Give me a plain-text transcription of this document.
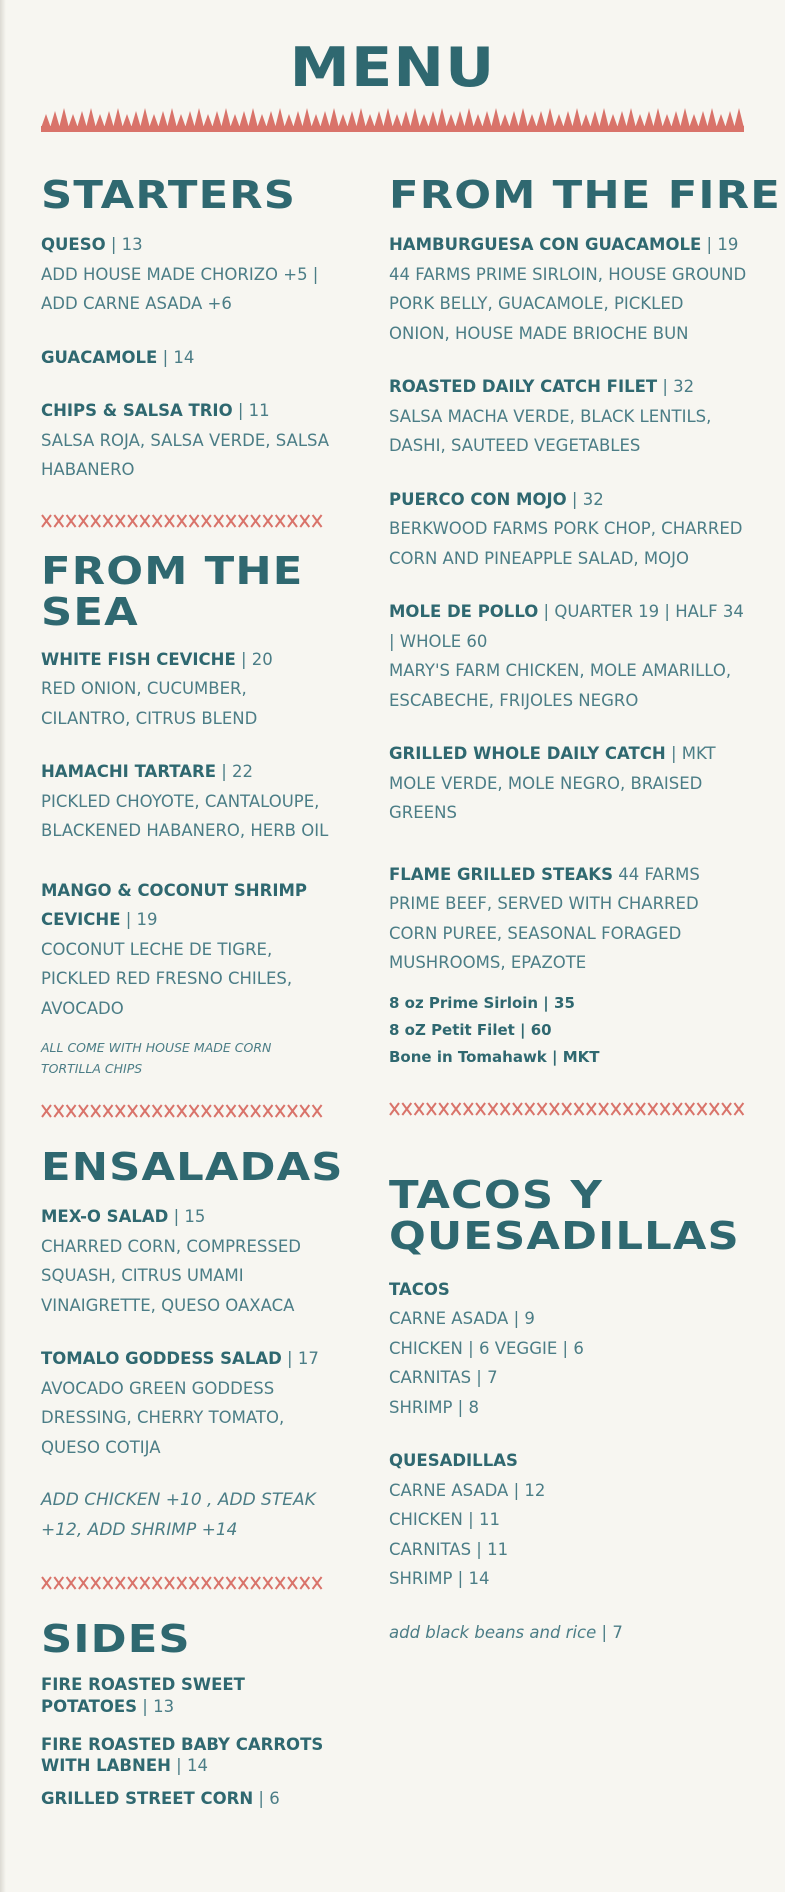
MENU
STARTERS
QUESO | 13
ADD HOUSE MADE CHORIZO +5 | ADD CARNE ASADA +6
GUACAMOLE | 14
CHIPS & SALSA TRIO | 11
SALSA ROJA, SALSA VERDE, SALSA HABANERO
FROM THE SEA
WHITE FISH CEVICHE | 20
RED ONION, CUCUMBER, CILANTRO, CITRUS BLEND
HAMACHI TARTARE | 22
PICKLED CHOYOTE, CANTALOUPE, BLACKENED HABANERO, HERB OIL
MANGO & COCONUT SHRIMP CEVICHE | 19
COCONUT LECHE DE TIGRE, PICKLED RED FRESNO CHILES, AVOCADO
ALL COME WITH HOUSE MADE CORN TORTILLA CHIPS
ENSALADAS
MEX-O SALAD | 15
CHARRED CORN, COMPRESSED SQUASH, CITRUS UMAMI VINAIGRETTE, QUESO OAXACA
TOMALO GODDESS SALAD | 17
AVOCADO GREEN GODDESS DRESSING, CHERRY TOMATO, QUESO COTIJA
ADD CHICKEN +10 , ADD STEAK +12, ADD SHRIMP +14
SIDES
FIRE ROASTED SWEET POTATOES | 13
FIRE ROASTED BABY CARROTS WITH LABNEH | 14
GRILLED STREET CORN | 6
FROM THE FIRE
HAMBURGUESA CON GUACAMOLE | 19
44 FARMS PRIME SIRLOIN, HOUSE GROUND PORK BELLY, GUACAMOLE, PICKLED ONION, HOUSE MADE BRIOCHE BUN
ROASTED DAILY CATCH FILET | 32
SALSA MACHA VERDE, BLACK LENTILS, DASHI, SAUTEED VEGETABLES
PUERCO CON MOJO | 32
BERKWOOD FARMS PORK CHOP, CHARRED CORN AND PINEAPPLE SALAD, MOJO
MOLE DE POLLO | QUARTER 19 | HALF 34 | WHOLE 60
MARY'S FARM CHICKEN, MOLE AMARILLO, ESCABECHE, FRIJOLES NEGRO
GRILLED WHOLE DAILY CATCH | MKT
MOLE VERDE, MOLE NEGRO, BRAISED GREENS
FLAME GRILLED STEAKS 44 FARMS PRIME BEEF, SERVED WITH CHARRED CORN PUREE, SEASONAL FORAGED MUSHROOMS, EPAZOTE
8 oz Prime Sirloin | 35
8 oZ Petit Filet | 60
Bone in Tomahawk | MKT
TACOS Y QUESADILLAS
TACOS
CARNE ASADA | 9
CHICKEN | 6 VEGGIE | 6
CARNITAS | 7
SHRIMP | 8
QUESADILLAS
CARNE ASADA | 12
CHICKEN | 11
CARNITAS | 11
SHRIMP | 14
add black beans and rice | 7
